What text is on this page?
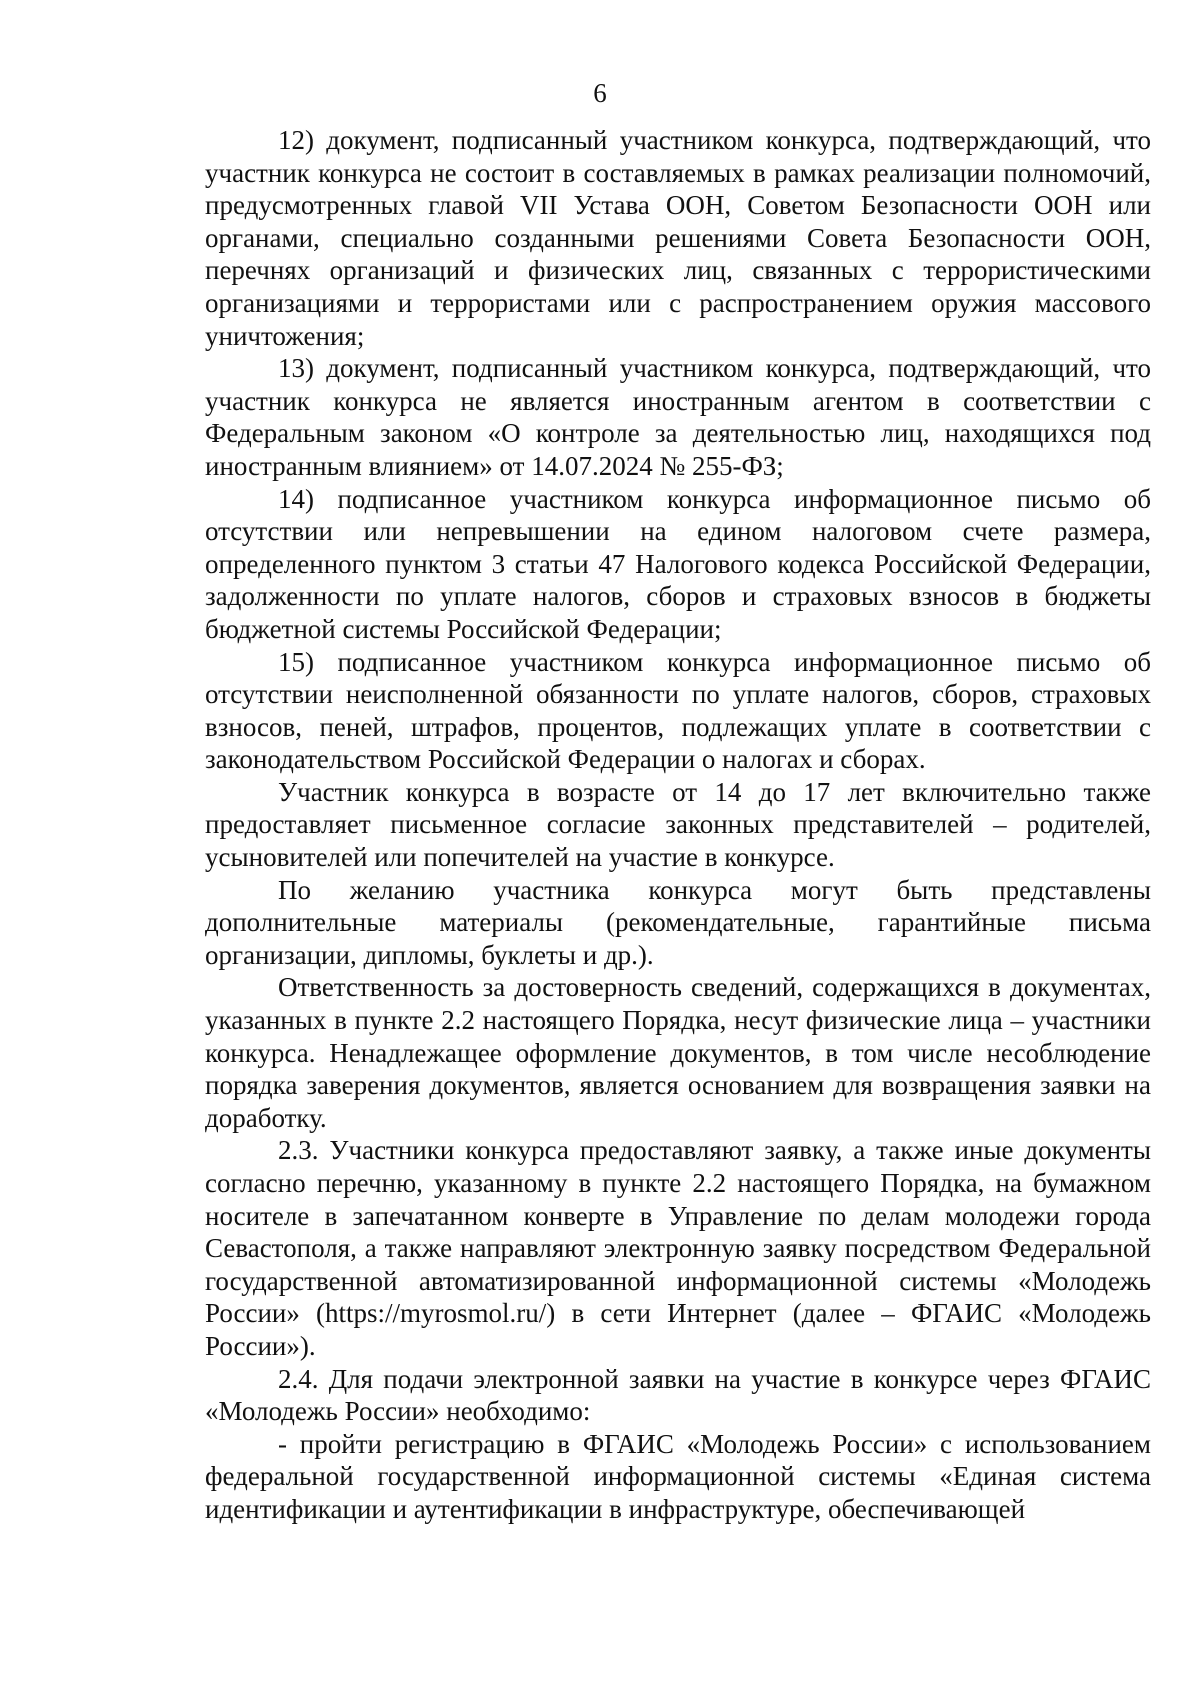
6

12) документ, подписанный участником конкурса, подтверждающий, что участник конкурса не состоит в составляемых в рамках реализации полномочий, предусмотренных главой VII Устава ООН, Советом Безопасности ООН или органами, специально созданными решениями Совета Безопасности ООН, перечнях организаций и физических лиц, связанных с террористическими организациями и террористами или с распространением оружия массового уничтожения;

13) документ, подписанный участником конкурса, подтверждающий, что участник конкурса не является иностранным агентом в соответствии с Федеральным законом «О контроле за деятельностью лиц, находящихся под иностранным влиянием» от 14.07.2024 № 255-ФЗ;

14) подписанное участником конкурса информационное письмо об отсутствии или непревышении на едином налоговом счете размера, определенного пунктом 3 статьи 47 Налогового кодекса Российской Федерации, задолженности по уплате налогов, сборов и страховых взносов в бюджеты бюджетной системы Российской Федерации;

15) подписанное участником конкурса информационное письмо об отсутствии неисполненной обязанности по уплате налогов, сборов, страховых взносов, пеней, штрафов, процентов, подлежащих уплате в соответствии с законодательством Российской Федерации о налогах и сборах.

Участник конкурса в возрасте от 14 до 17 лет включительно также предоставляет письменное согласие законных представителей – родителей, усыновителей или попечителей на участие в конкурсе.

По желанию участника конкурса могут быть представлены дополнительные материалы (рекомендательные, гарантийные письма организации, дипломы, буклеты и др.).

Ответственность за достоверность сведений, содержащихся в документах, указанных в пункте 2.2 настоящего Порядка, несут физические лица – участники конкурса. Ненадлежащее оформление документов, в том числе несоблюдение порядка заверения документов, является основанием для возвращения заявки на доработку.

2.3. Участники конкурса предоставляют заявку, а также иные документы согласно перечню, указанному в пункте 2.2 настоящего Порядка, на бумажном носителе в запечатанном конверте в Управление по делам молодежи города Севастополя, а также направляют электронную заявку посредством Федеральной государственной автоматизированной информационной системы «Молодежь России» (https://myrosmol.ru/) в сети Интернет (далее – ФГАИС «Молодежь России»).

2.4. Для подачи электронной заявки на участие в конкурсе через ФГАИС «Молодежь России» необходимо:

- пройти регистрацию в ФГАИС «Молодежь России» с использованием федеральной государственной информационной системы «Единая система идентификации и аутентификации в инфраструктуре, обеспечивающей
